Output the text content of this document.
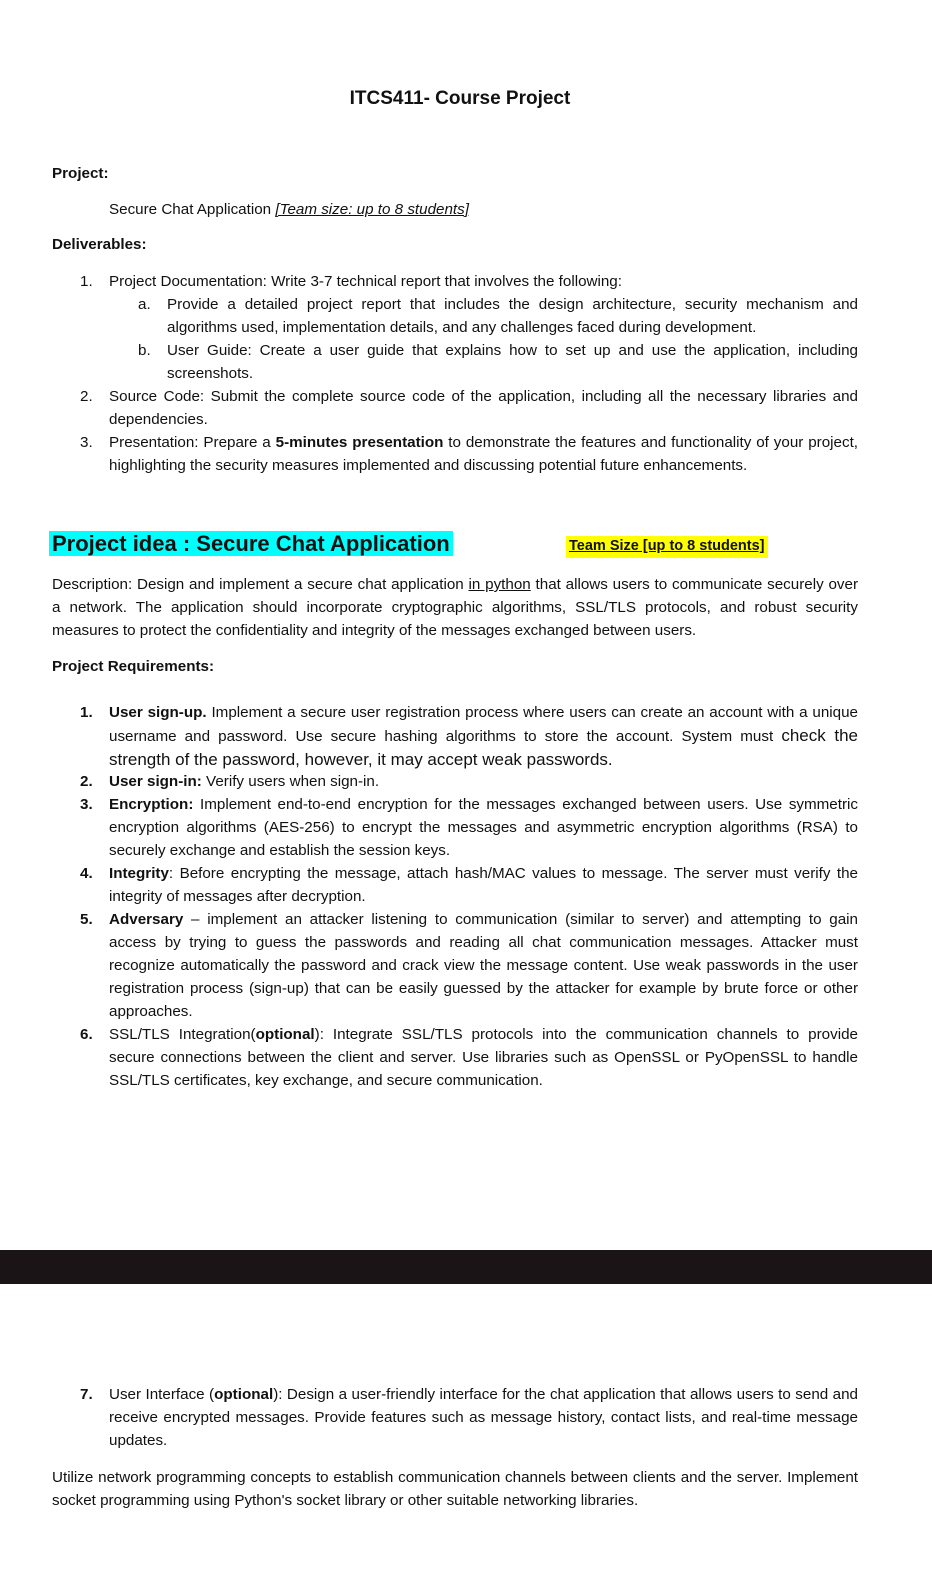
ITCS411- Course Project
Project:
Secure Chat Application [Team size: up to 8 students]
Deliverables:
1. Project Documentation: Write 3-7 technical report that involves the following:
a. Provide a detailed project report that includes the design architecture, security mechanism and algorithms used, implementation details, and any challenges faced during development.
b. User Guide: Create a user guide that explains how to set up and use the application, including screenshots.
2. Source Code: Submit the complete source code of the application, including all the necessary libraries and dependencies.
3. Presentation: Prepare a 5-minutes presentation to demonstrate the features and functionality of your project, highlighting the security measures implemented and discussing potential future enhancements.
Project idea : Secure Chat Application	Team Size [up to 8 students]
Description: Design and implement a secure chat application in python that allows users to communicate securely over a network. The application should incorporate cryptographic algorithms, SSL/TLS protocols, and robust security measures to protect the confidentiality and integrity of the messages exchanged between users.
Project Requirements:
1. User sign-up. Implement a secure user registration process where users can create an account with a unique username and password. Use secure hashing algorithms to store the account. System must check the strength of the password, however, it may accept weak passwords.
2. User sign-in: Verify users when sign-in.
3. Encryption: Implement end-to-end encryption for the messages exchanged between users. Use symmetric encryption algorithms (AES-256) to encrypt the messages and asymmetric encryption algorithms (RSA) to securely exchange and establish the session keys.
4. Integrity: Before encrypting the message, attach hash/MAC values to message. The server must verify the integrity of messages after decryption.
5. Adversary – implement an attacker listening to communication (similar to server) and attempting to gain access by trying to guess the passwords and reading all chat communication messages. Attacker must recognize automatically the password and crack view the message content. Use weak passwords in the user registration process (sign-up) that can be easily guessed by the attacker for example by brute force or other approaches.
6. SSL/TLS Integration(optional): Integrate SSL/TLS protocols into the communication channels to provide secure connections between the client and server. Use libraries such as OpenSSL or PyOpenSSL to handle SSL/TLS certificates, key exchange, and secure communication.
7. User Interface (optional): Design a user-friendly interface for the chat application that allows users to send and receive encrypted messages. Provide features such as message history, contact lists, and real-time message updates.
Utilize network programming concepts to establish communication channels between clients and the server. Implement socket programming using Python's socket library or other suitable networking libraries.
